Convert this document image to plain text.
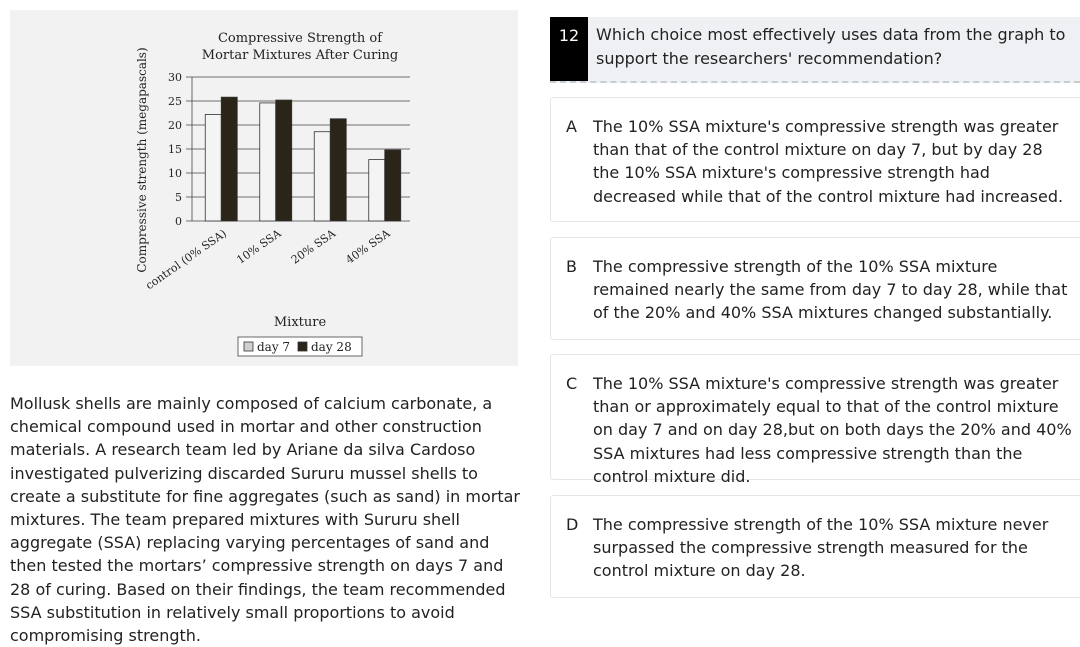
Compressive Strength of
Mortar Mixtures After Curing
0
5
10
15
20
25
30
control (0% SSA) 10% SSA 20% SSA 40% SSA
Compressive strength (megapascals)
Mixture
day 7 day 28
Mollusk shells are mainly composed of calcium carbonate, a chemical compound used in mortar and other construction materials. A research team led by Ariane da silva Cardoso investigated pulverizing discarded Sururu mussel shells to create a substitute for fine aggregates (such as sand) in mortar mixtures. The team prepared mixtures with Sururu shell aggregate (SSA) replacing varying percentages of sand and then tested the mortars’ compressive strength on days 7 and 28 of curing. Based on their findings, the team recommended SSA substitution in relatively small proportions to avoid compromising strength.
12	Which choice most effectively uses data from the graph to support the researchers' recommendation?
A The 10% SSA mixture's compressive strength was greater than that of the control mixture on day 7, but by day 28 the 10% SSA mixture's compressive strength had decreased while that of the control mixture had increased.
B The compressive strength of the 10% SSA mixture remained nearly the same from day 7 to day 28, while that of the 20% and 40% SSA mixtures changed substantially.
C The 10% SSA mixture's compressive strength was greater than or approximately equal to that of the control mixture on day 7 and on day 28,but on both days the 20% and 40% SSA mixtures had less compressive strength than the control mixture did.
D The compressive strength of the 10% SSA mixture never surpassed the compressive strength measured for the control mixture on day 28.
